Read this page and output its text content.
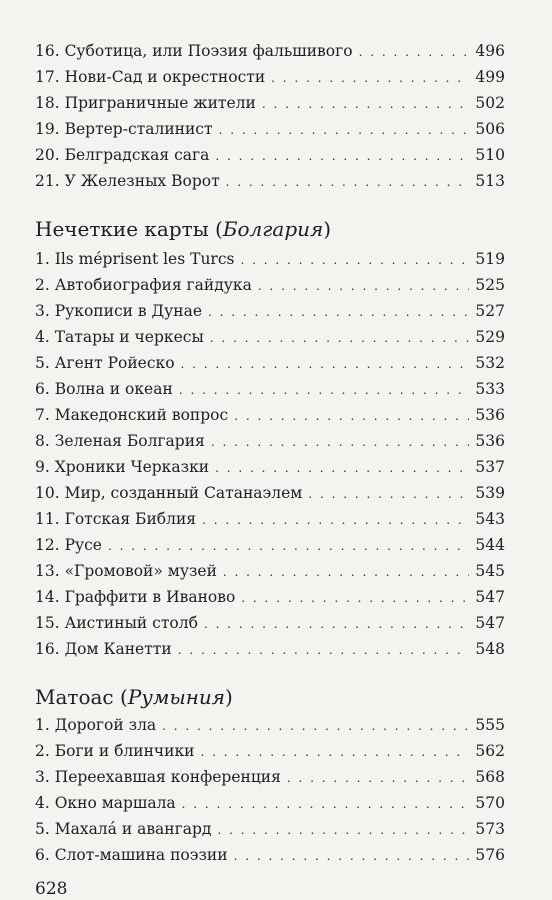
16. Суботица, или Поэзия фальшивого . . .	496
17. Нови-Сад и окрестности . . .	499
18. Приграничные жители . . .	502
19. Вертер-сталинист . . .	506
20. Белградская сага . . .	510
21. У Железных Ворот . . .	513
Нечеткие карты (Болгария)
1. Ils méprisent les Turcs . . .	519
2. Автобиография гайдука . . .	525
3. Рукописи в Дунае . . .	527
4. Татары и черкесы . . .	529
5. Агент Ройеско . . .	532
6. Волна и океан . . .	533
7. Македонский вопрос . . .	536
8. Зеленая Болгария . . .	536
9. Хроники Черказки . . .	537
10. Мир, созданный Сатанаэлем . . .	539
11. Готская Библия . . .	543
12. Русе . . .	544
13. «Громовой» музей . . .	545
14. Граффити в Иваново . . .	547
15. Аистиный столб . . .	547
16. Дом Канетти . . .	548
Матоас (Румыния)
1. Дорогой зла . . .	555
2. Боги и блинчики . . .	562
3. Переехавшая конференция . . .	568
4. Окно маршала . . .	570
5. Махала́ и авангард . . .	573
6. Слот-машина поэзии . . .	576
628
